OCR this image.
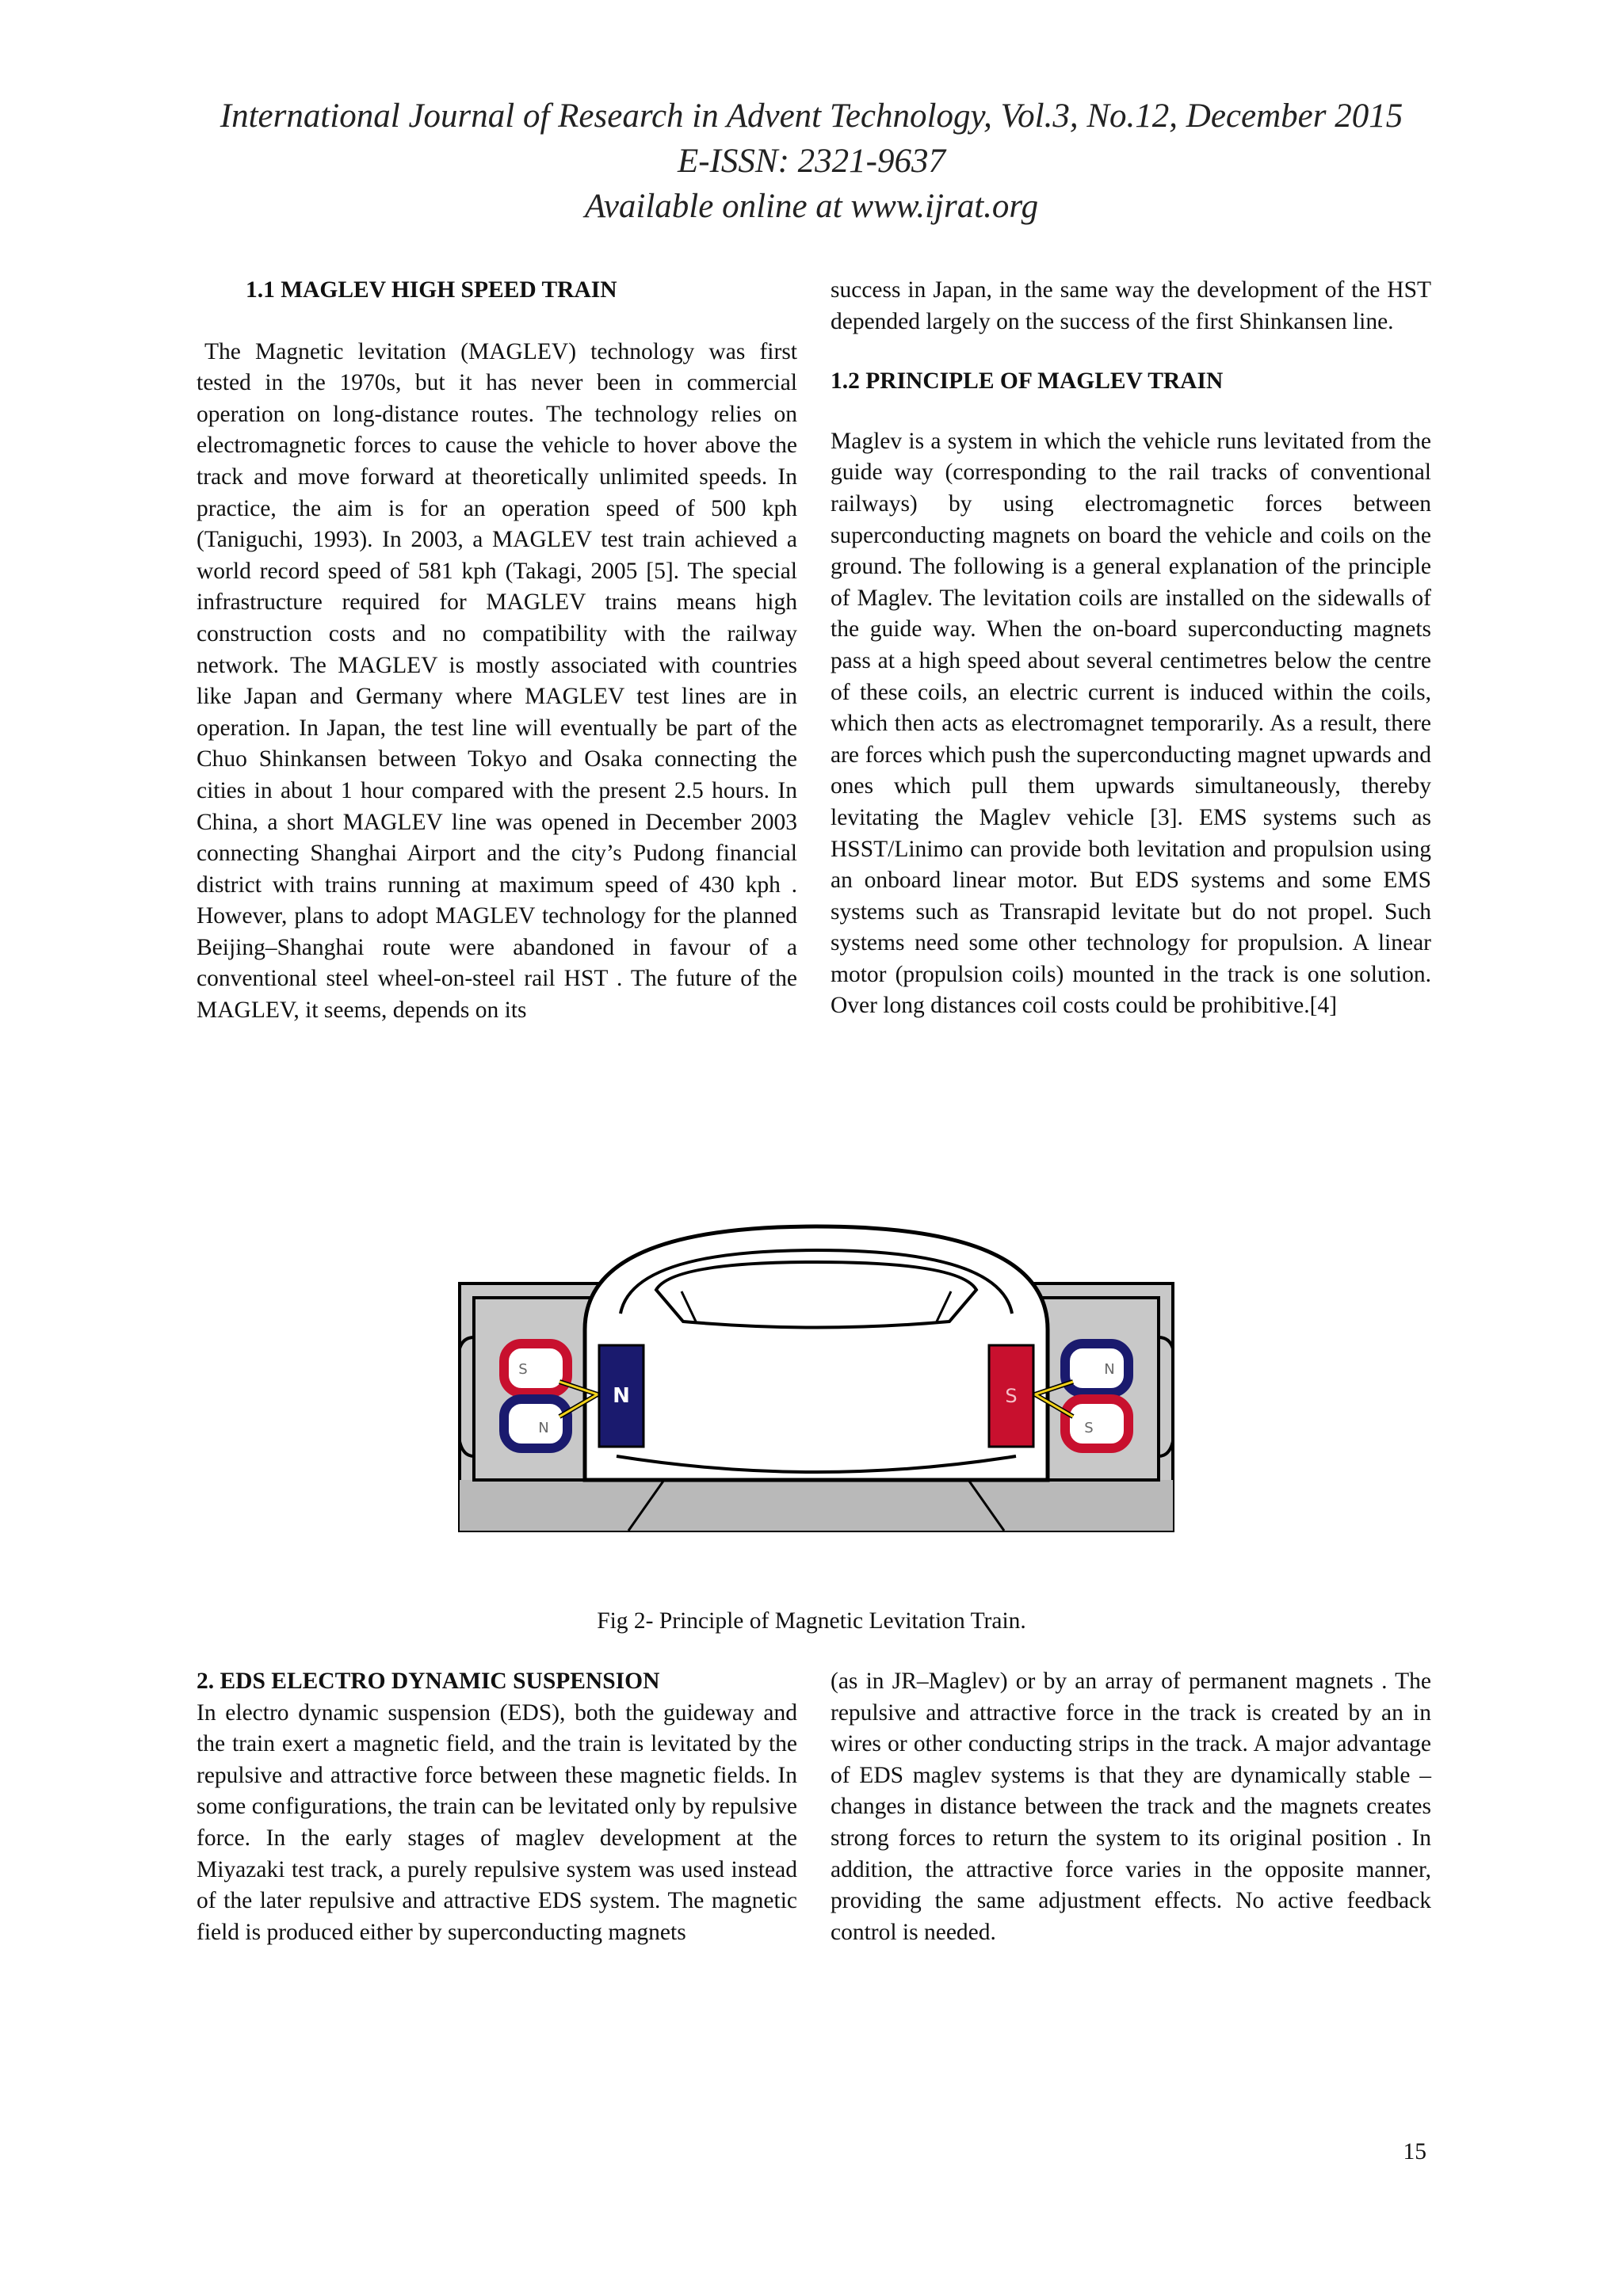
International Journal of Research in Advent Technology, Vol.3, No.12, December 2015
E-ISSN: 2321-9637
Available online at www.ijrat.org

1.1 MAGLEV HIGH SPEED TRAIN

The Magnetic levitation (MAGLEV) technology was first tested in the 1970s, but it has never been in commercial operation on long-distance routes. The technology relies on electromagnetic forces to cause the vehicle to hover above the track and move forward at theoretically unlimited speeds. In practice, the aim is for an operation speed of 500 kph (Taniguchi, 1993). In 2003, a MAGLEV test train achieved a world record speed of 581 kph (Takagi, 2005 [5]. The special infrastructure required for MAGLEV trains means high construction costs and no compatibility with the railway network. The MAGLEV is mostly associated with countries like Japan and Germany where MAGLEV test lines are in operation. In Japan, the test line will eventually be part of the Chuo Shinkansen between Tokyo and Osaka connecting the cities in about 1 hour compared with the present 2.5 hours. In China, a short MAGLEV line was opened in December 2003 connecting Shanghai Airport and the city’s Pudong financial district with trains running at maximum speed of 430 kph . However, plans to adopt MAGLEV technology for the planned Beijing–Shanghai route were abandoned in favour of a conventional steel wheel-on-steel rail HST . The future of the MAGLEV, it seems, depends on its

success in Japan, in the same way the development of the HST depended largely on the success of the first Shinkansen line.

1.2 PRINCIPLE OF MAGLEV TRAIN

Maglev is a system in which the vehicle runs levitated from the guide way (corresponding to the rail tracks of conventional railways) by using electromagnetic forces between superconducting magnets on board the vehicle and coils on the ground. The following is a general explanation of the principle of Maglev. The levitation coils are installed on the sidewalls of the guide way. When the on-board superconducting magnets pass at a high speed about several centimetres below the centre of these coils, an electric current is induced within the coils, which then acts as electromagnet temporarily. As a result, there are forces which push the superconducting magnet upwards and ones which pull them upwards simultaneously, thereby levitating the Maglev vehicle [3]. EMS systems such as HSST/Linimo can provide both levitation and propulsion using an onboard linear motor. But EDS systems and some EMS systems such as Transrapid levitate but do not propel. Such systems need some other technology for propulsion. A linear motor (propulsion coils) mounted in the track is one solution. Over long distances coil costs could be prohibitive.[4]

N
S
N
S
N
S
Fig 2- Principle of Magnetic Levitation Train.

2. EDS ELECTRO DYNAMIC SUSPENSION

In electro dynamic suspension (EDS), both the guideway and the train exert a magnetic field, and the train is levitated by the repulsive and attractive force between these magnetic fields. In some configurations, the train can be levitated only by repulsive force. In the early stages of maglev development at the Miyazaki test track, a purely repulsive system was used instead of the later repulsive and attractive EDS system. The magnetic field is produced either by superconducting magnets

(as in JR–Maglev) or by an array of permanent magnets . The repulsive and attractive force in the track is created by an in wires or other conducting strips in the track. A major advantage of EDS maglev systems is that they are dynamically stable – changes in distance between the track and the magnets creates strong forces to return the system to its original position . In addition, the attractive force varies in the opposite manner, providing the same adjustment effects. No active feedback control is needed.

15
